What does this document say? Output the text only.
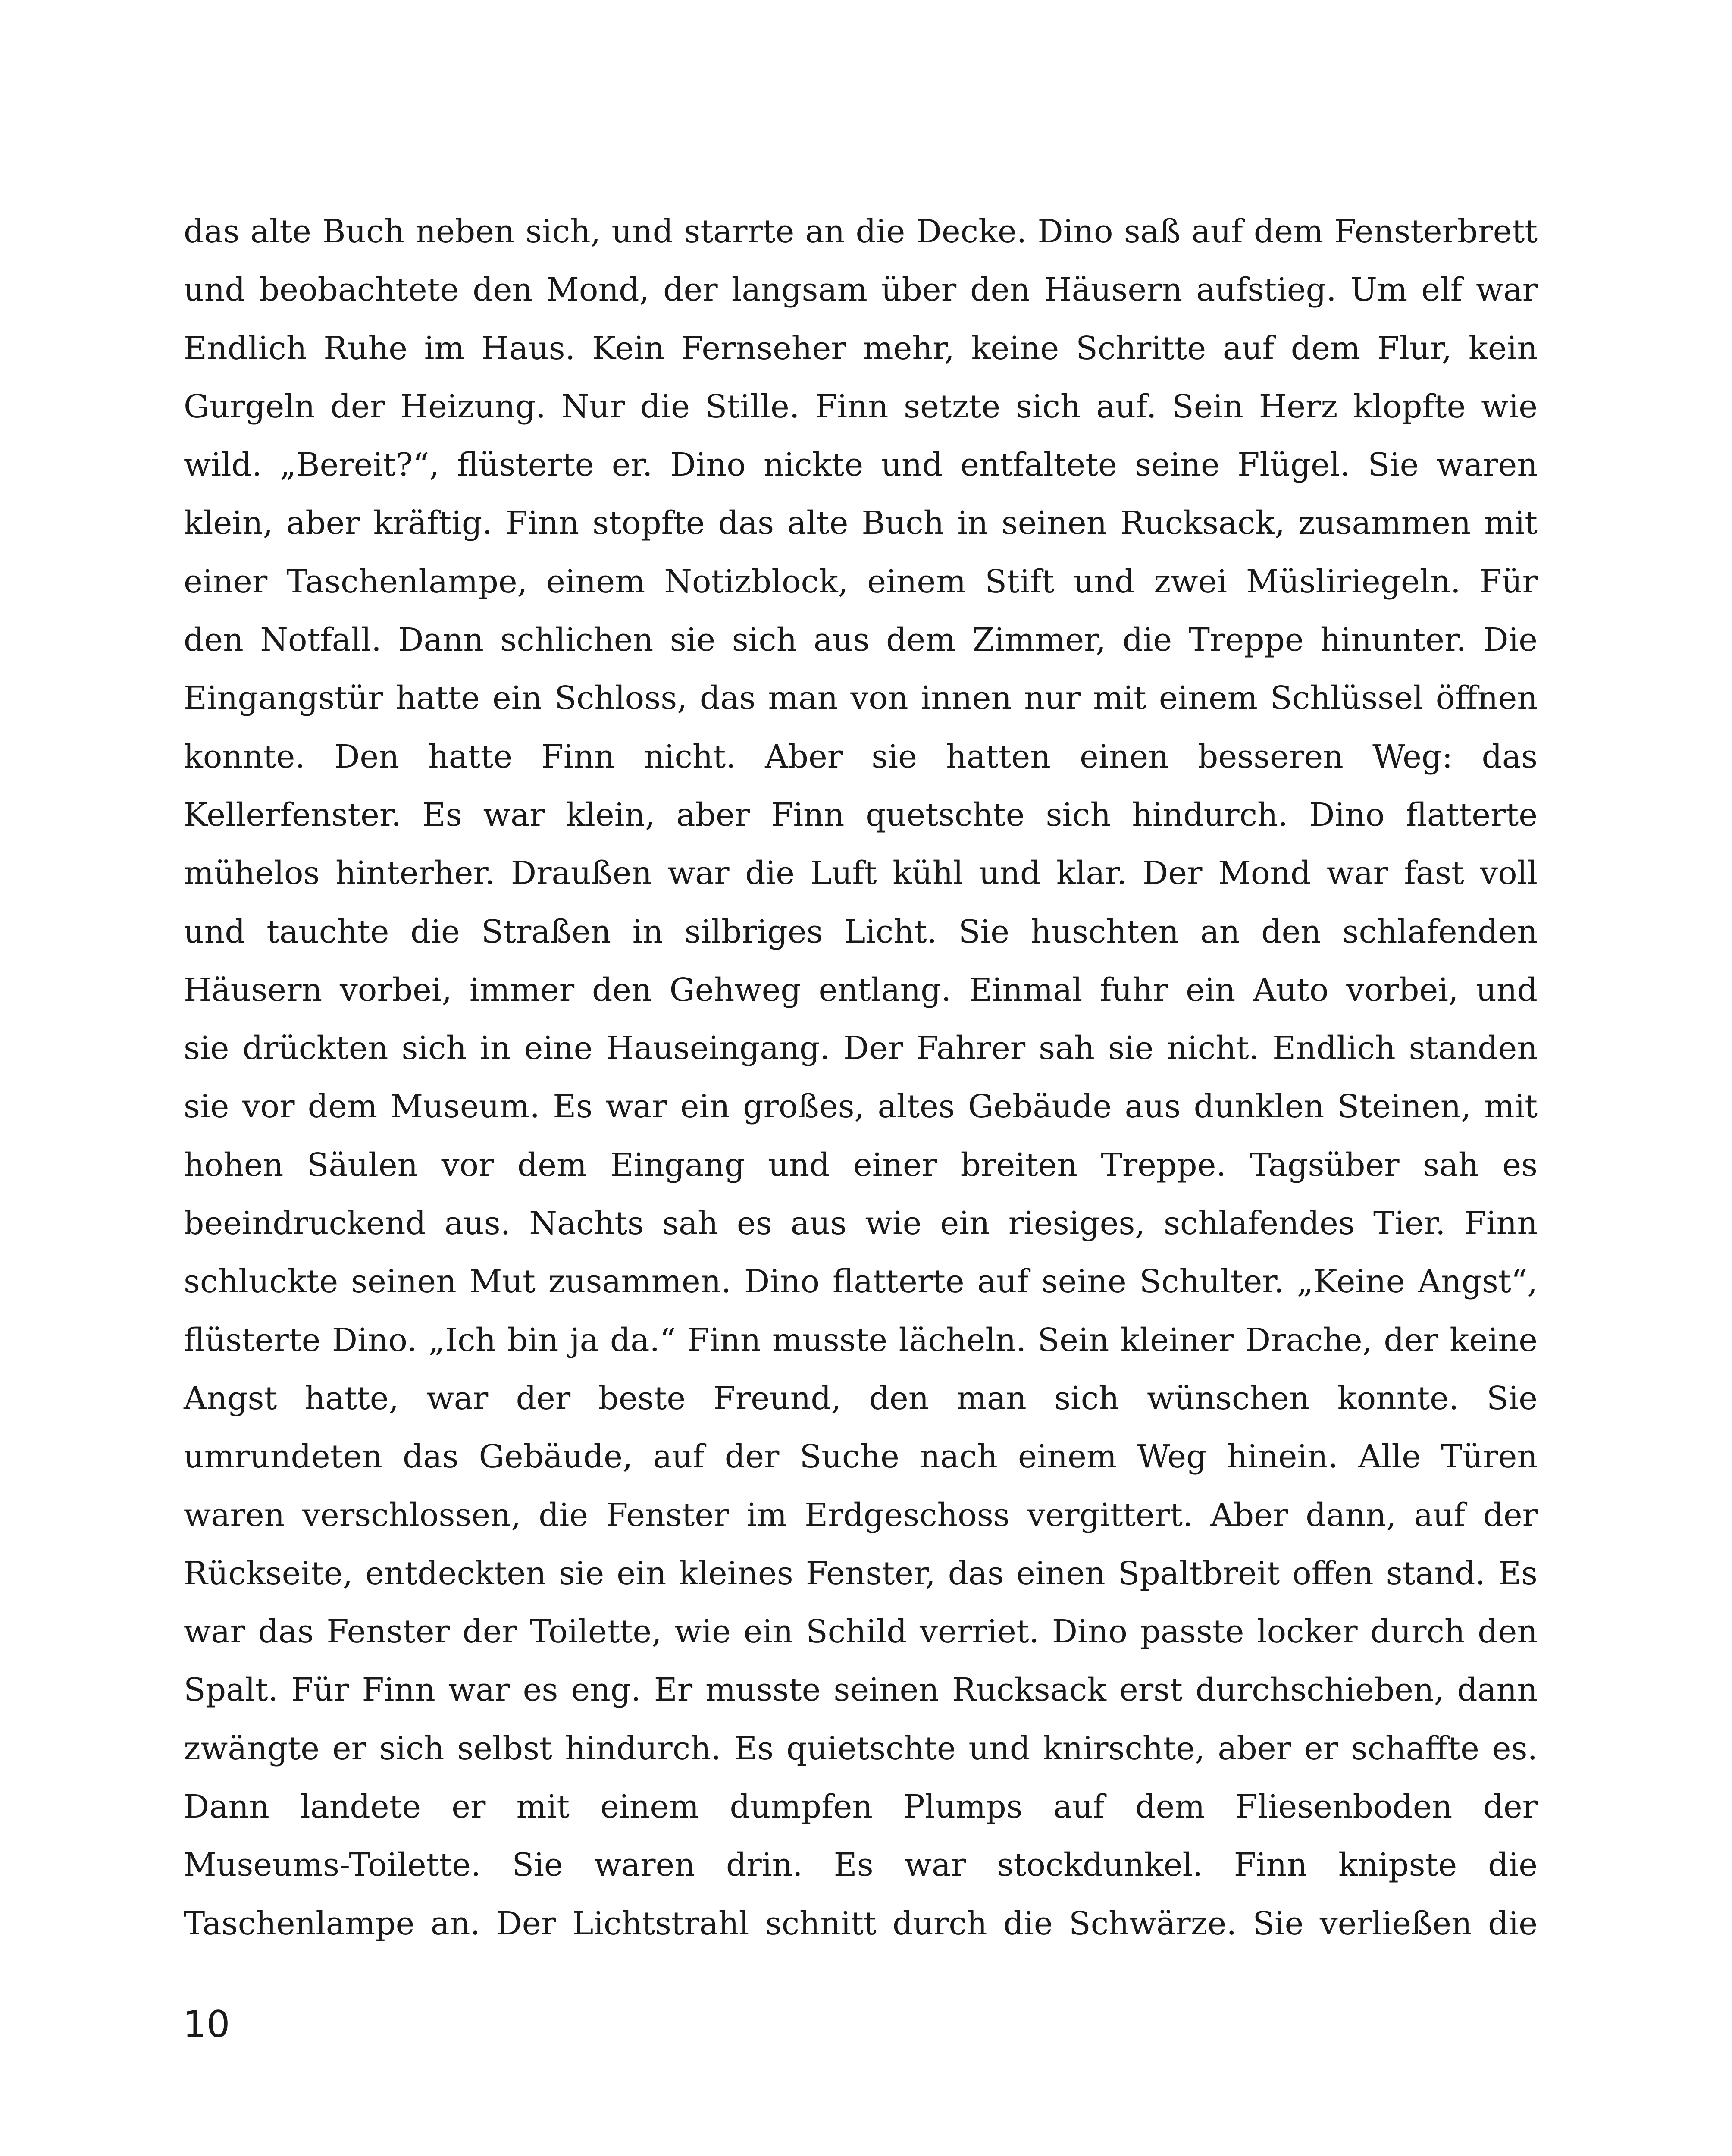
das alte Buch neben sich, und starrte an die Decke. Dino saß auf dem Fensterbrett
und beobachtete den Mond, der langsam über den Häusern aufstieg. Um elf war
Endlich Ruhe im Haus. Kein Fernseher mehr, keine Schritte auf dem Flur, kein
Gurgeln der Heizung. Nur die Stille. Finn setzte sich auf. Sein Herz klopfte wie
wild. „Bereit?“, flüsterte er. Dino nickte und entfaltete seine Flügel. Sie waren
klein, aber kräftig. Finn stopfte das alte Buch in seinen Rucksack, zusammen mit
einer Taschenlampe, einem Notizblock, einem Stift und zwei Müsliriegeln. Für
den Notfall. Dann schlichen sie sich aus dem Zimmer, die Treppe hinunter. Die
Eingangstür hatte ein Schloss, das man von innen nur mit einem Schlüssel öffnen
konnte. Den hatte Finn nicht. Aber sie hatten einen besseren Weg: das
Kellerfenster. Es war klein, aber Finn quetschte sich hindurch. Dino flatterte
mühelos hinterher. Draußen war die Luft kühl und klar. Der Mond war fast voll
und tauchte die Straßen in silbriges Licht. Sie huschten an den schlafenden
Häusern vorbei, immer den Gehweg entlang. Einmal fuhr ein Auto vorbei, und
sie drückten sich in eine Hauseingang. Der Fahrer sah sie nicht. Endlich standen
sie vor dem Museum. Es war ein großes, altes Gebäude aus dunklen Steinen, mit
hohen Säulen vor dem Eingang und einer breiten Treppe. Tagsüber sah es
beeindruckend aus. Nachts sah es aus wie ein riesiges, schlafendes Tier. Finn
schluckte seinen Mut zusammen. Dino flatterte auf seine Schulter. „Keine Angst“,
flüsterte Dino. „Ich bin ja da.“ Finn musste lächeln. Sein kleiner Drache, der keine
Angst hatte, war der beste Freund, den man sich wünschen konnte. Sie
umrundeten das Gebäude, auf der Suche nach einem Weg hinein. Alle Türen
waren verschlossen, die Fenster im Erdgeschoss vergittert. Aber dann, auf der
Rückseite, entdeckten sie ein kleines Fenster, das einen Spaltbreit offen stand. Es
war das Fenster der Toilette, wie ein Schild verriet. Dino passte locker durch den
Spalt. Für Finn war es eng. Er musste seinen Rucksack erst durchschieben, dann
zwängte er sich selbst hindurch. Es quietschte und knirschte, aber er schaffte es.
Dann landete er mit einem dumpfen Plumps auf dem Fliesenboden der
Museums-Toilette. Sie waren drin. Es war stockdunkel. Finn knipste die
Taschenlampe an. Der Lichtstrahl schnitt durch die Schwärze. Sie verließen die
10
